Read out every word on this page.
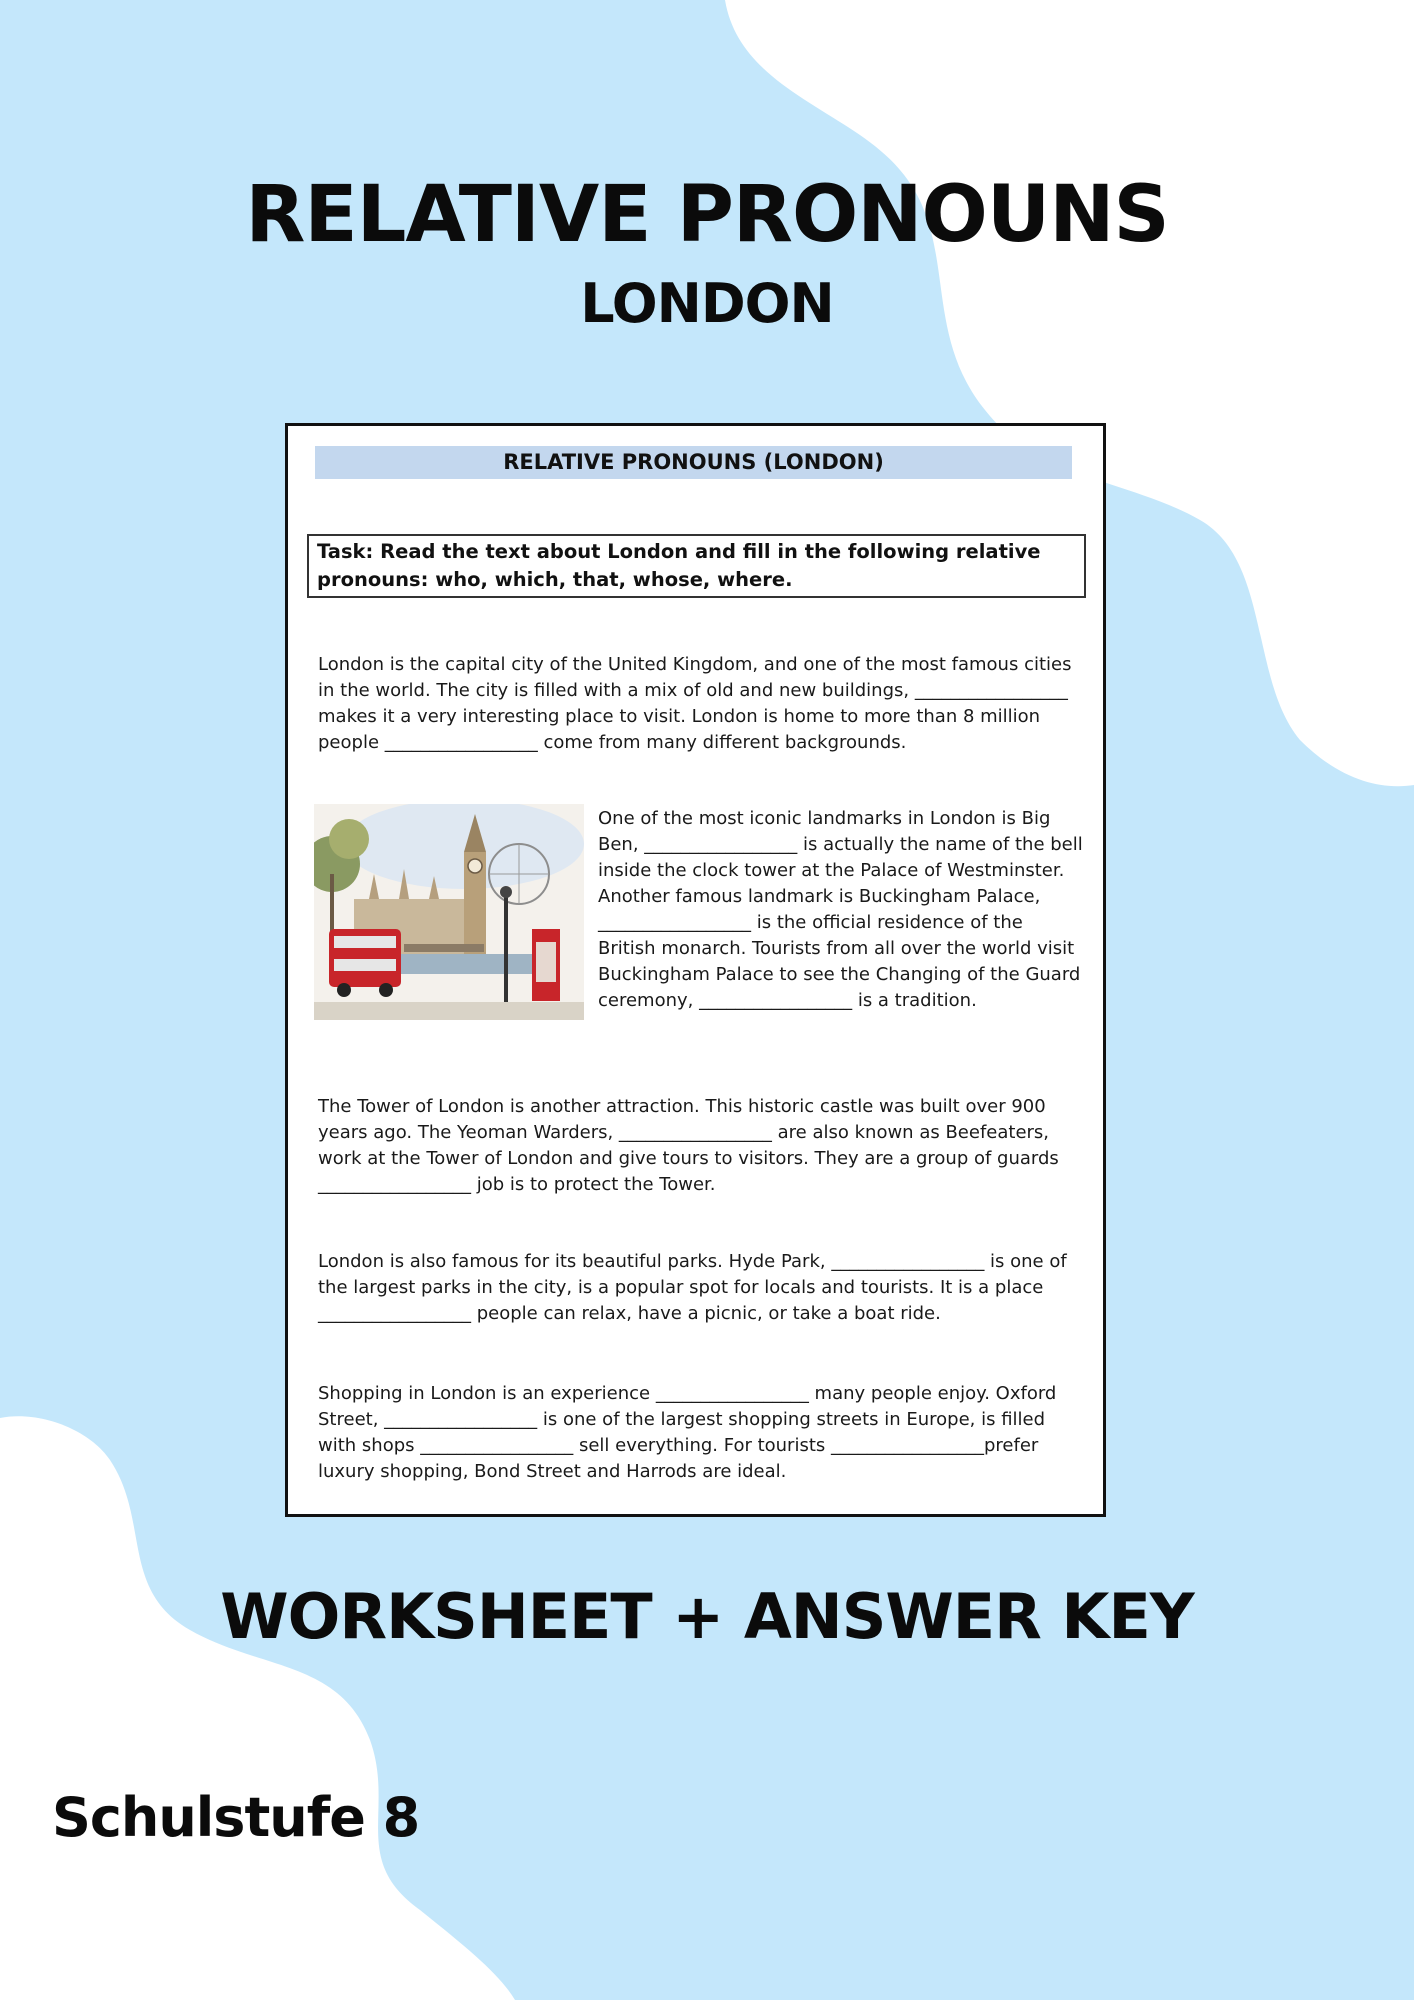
RELATIVE PRONOUNS
LONDON
RELATIVE PRONOUNS (LONDON)
Task: Read the text about London and fill in the following relative pronouns: who, which, that, whose, where.

London is the capital city of the United Kingdom, and one of the most famous cities in the world. The city is filled with a mix of old and new buildings, _________________ makes it a very interesting place to visit. London is home to more than 8 million people _________________ come from many different backgrounds.

One of the most iconic landmarks in London is Big Ben, _________________ is actually the name of the bell inside the clock tower at the Palace of Westminster. Another famous landmark is Buckingham Palace, _________________ is the official residence of the British monarch. Tourists from all over the world visit Buckingham Palace to see the Changing of the Guard ceremony, _________________ is a tradition.

The Tower of London is another attraction. This historic castle was built over 900 years ago. The Yeoman Warders, _________________ are also known as Beefeaters, work at the Tower of London and give tours to visitors. They are a group of guards _________________ job is to protect the Tower.

London is also famous for its beautiful parks. Hyde Park, _________________ is one of the largest parks in the city, is a popular spot for locals and tourists. It is a place _________________ people can relax, have a picnic, or take a boat ride.

Shopping in London is an experience _________________ many people enjoy. Oxford Street, _________________ is one of the largest shopping streets in Europe, is filled with shops _________________ sell everything. For tourists _________________prefer luxury shopping, Bond Street and Harrods are ideal.

WORKSHEET + ANSWER KEY
Schulstufe 8
